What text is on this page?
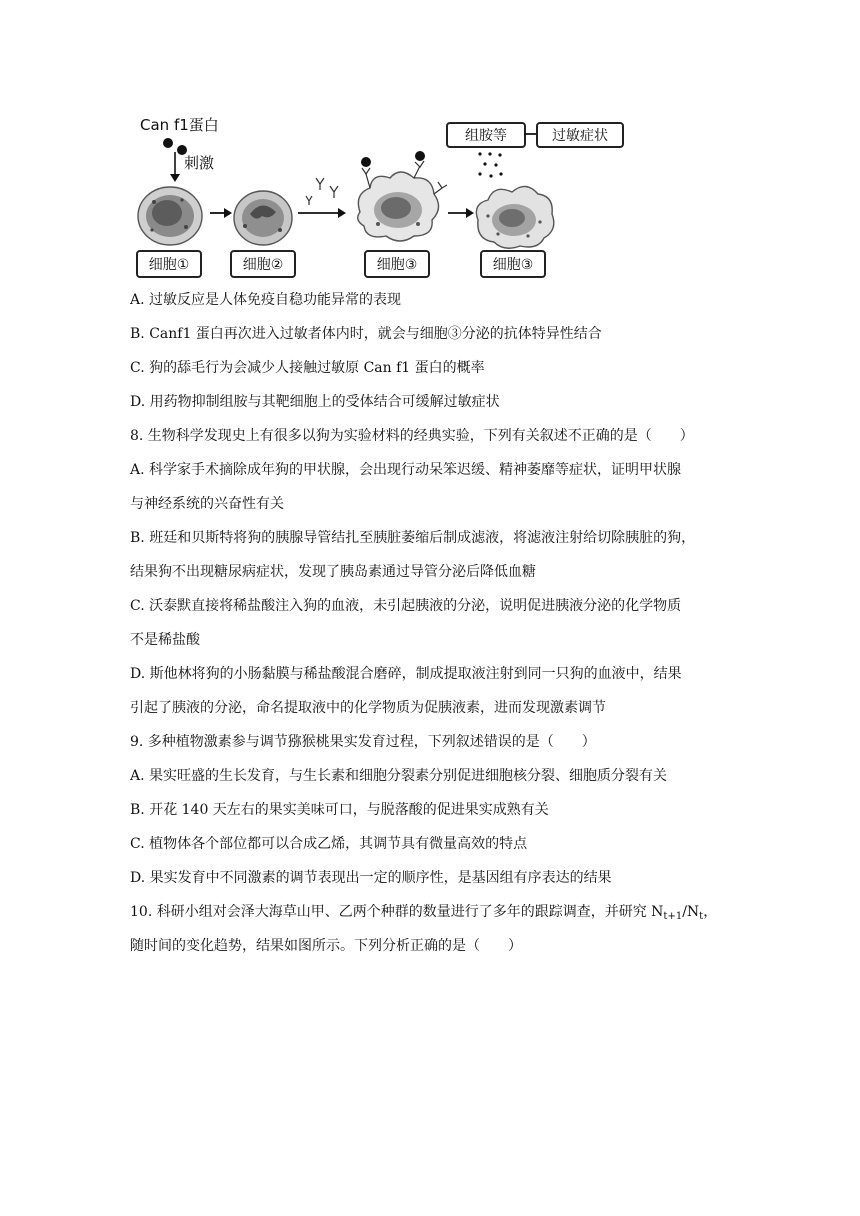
Can f1蛋白
刺激
组胺等	过敏症状
细胞①	细胞②	细胞③	细胞③
A. 过敏反应是人体免疫自稳功能异常的表现
B. Canf1 蛋白再次进入过敏者体内时，就会与细胞③分泌的抗体特异性结合
C. 狗的舔毛行为会减少人接触过敏原 Can f1 蛋白的概率
D. 用药物抑制组胺与其靶细胞上的受体结合可缓解过敏症状
8. 生物科学发现史上有很多以狗为实验材料的经典实验，下列有关叙述不正确的是（　　）
A. 科学家手术摘除成年狗的甲状腺，会出现行动呆笨迟缓、精神萎靡等症状，证明甲状腺
与神经系统的兴奋性有关
B. 班廷和贝斯特将狗的胰腺导管结扎至胰脏萎缩后制成滤液，将滤液注射给切除胰脏的狗，
结果狗不出现糖尿病症状，发现了胰岛素通过导管分泌后降低血糖
C. 沃泰默直接将稀盐酸注入狗的血液，未引起胰液的分泌，说明促进胰液分泌的化学物质
不是稀盐酸
D. 斯他林将狗的小肠黏膜与稀盐酸混合磨碎，制成提取液注射到同一只狗的血液中，结果
引起了胰液的分泌，命名提取液中的化学物质为促胰液素，进而发现激素调节
9. 多种植物激素参与调节猕猴桃果实发育过程，下列叙述错误的是（　　）
A. 果实旺盛的生长发育，与生长素和细胞分裂素分别促进细胞核分裂、细胞质分裂有关
B. 开花 140 天左右的果实美味可口，与脱落酸的促进果实成熟有关
C. 植物体各个部位都可以合成乙烯，其调节具有微量高效的特点
D. 果实发育中不同激素的调节表现出一定的顺序性，是基因组有序表达的结果
10. 科研小组对会泽大海草山甲、乙两个种群的数量进行了多年的跟踪调查，并研究 $N_{t+1}/N_t$，
随时间的变化趋势，结果如图所示。下列分析正确的是（　　）
